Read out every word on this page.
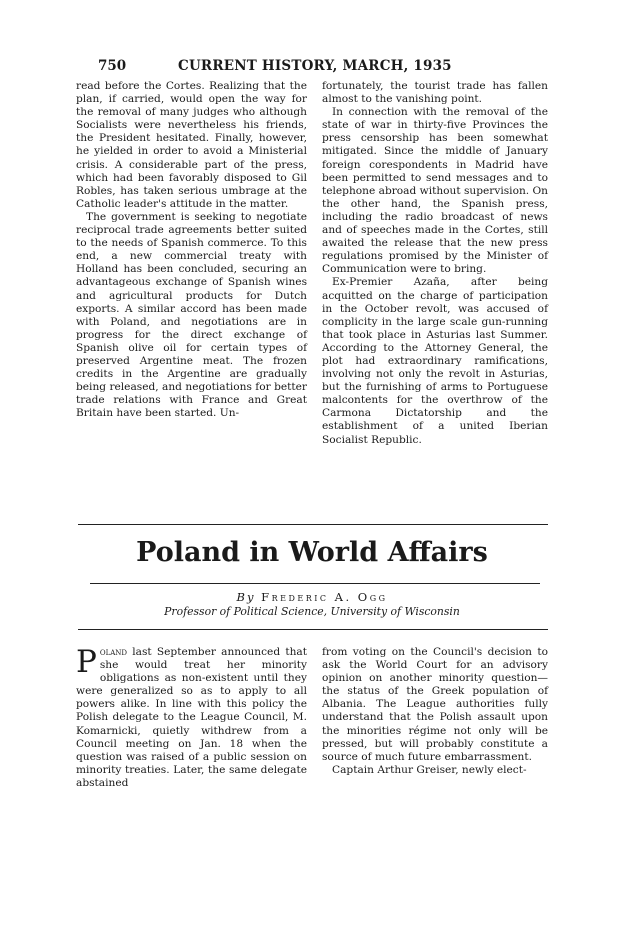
750	CURRENT HISTORY, MARCH, 1935

read before the Cortes. Realizing that the plan, if carried, would open the way for the removal of many judges who although Socialists were nevertheless his friends, the President hesitated. Finally, however, he yielded in order to avoid a Ministerial crisis. A considerable part of the press, which had been favorably disposed to Gil Robles, has taken serious umbrage at the Catholic leader's attitude in the matter.

The government is seeking to negotiate reciprocal trade agreements better suited to the needs of Spanish commerce. To this end, a new commercial treaty with Holland has been concluded, securing an advantageous exchange of Spanish wines and agricultural products for Dutch exports. A similar accord has been made with Poland, and negotiations are in progress for the direct exchange of Spanish olive oil for certain types of preserved Argentine meat. The frozen credits in the Argentine are gradually being released, and negotiations for better trade relations with France and Great Britain have been started. Un-

fortunately, the tourist trade has fallen almost to the vanishing point.

In connection with the removal of the state of war in thirty-five Provinces the press censorship has been somewhat mitigated. Since the middle of January foreign corespondents in Madrid have been permitted to send messages and to telephone abroad without supervision. On the other hand, the Spanish press, including the radio broadcast of news and of speeches made in the Cortes, still awaited the release that the new press regulations promised by the Minister of Communication were to bring.

Ex-Premier Azaña, after being acquitted on the charge of participation in the October revolt, was accused of complicity in the large scale gun-running that took place in Asturias last Summer. According to the Attorney General, the plot had extraordinary ramifications, involving not only the revolt in Asturias, but the furnishing of arms to Portuguese malcontents for the overthrow of the Carmona Dictatorship and the establishment of a united Iberian Socialist Republic.

Poland in World Affairs
By Frederic A. Ogg
Professor of Political Science, University of Wisconsin

Poland last September announced that she would treat her minority obligations as non-existent until they were generalized so as to apply to all powers alike. In line with this policy the Polish delegate to the League Council, M. Komarnicki, quietly withdrew from a Council meeting on Jan. 18 when the question was raised of a public session on minority treaties. Later, the same delegate abstained

from voting on the Council's decision to ask the World Court for an advisory opinion on another minority question—the status of the Greek population of Albania. The League authorities fully understand that the Polish assault upon the minorities régime not only will be pressed, but will probably constitute a source of much future embarrassment.

Captain Arthur Greiser, newly elect-
